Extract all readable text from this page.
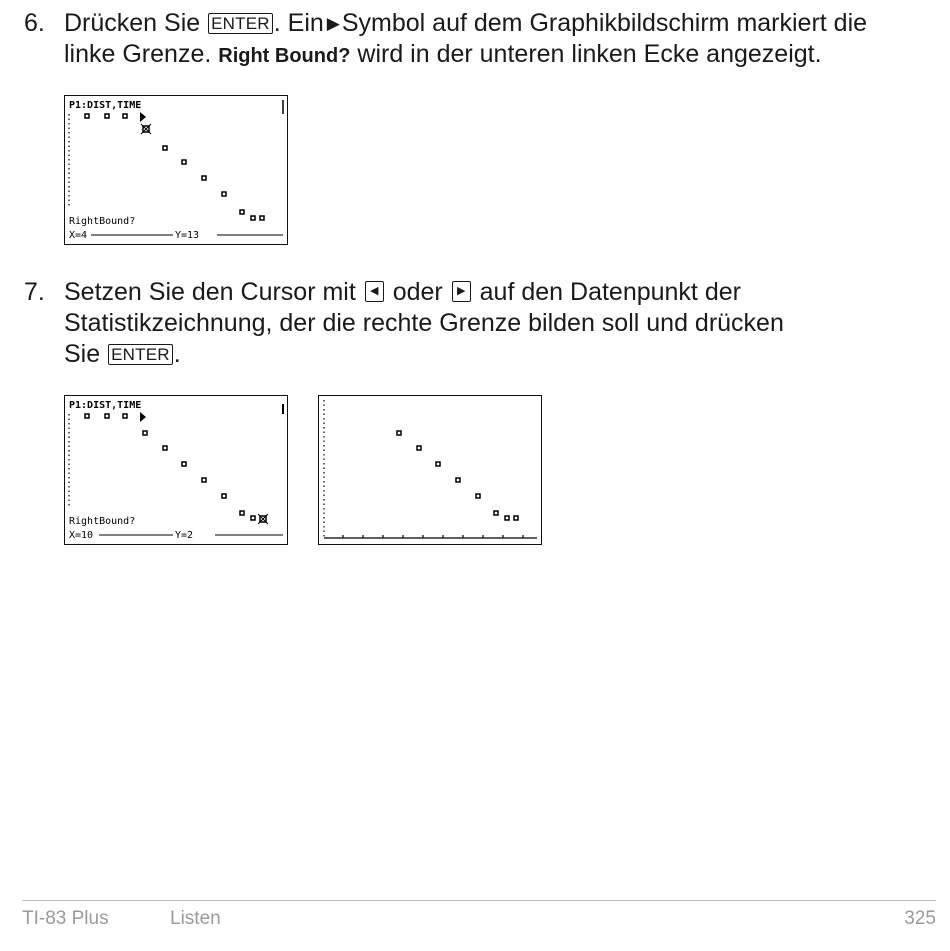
6. Drücken Sie ENTER . Ein ▶Symbol auf dem Graphikbildschirm markiert die
linke Grenze. Right Bound? wird in der unteren linken Ecke angezeigt.
P1:DIST,TIME
RightBound?
X=4	Y=13
7. Setzen Sie den Cursor mit	◀ oder	▶ auf den Datenpunkt der
Statistikzeichnung, der die rechte Grenze bilden soll und drücken
Sie ENTER .
P1:DIST,TIME
RightBound?
X=10	Y=2
TI-83 Plus	Listen	325
